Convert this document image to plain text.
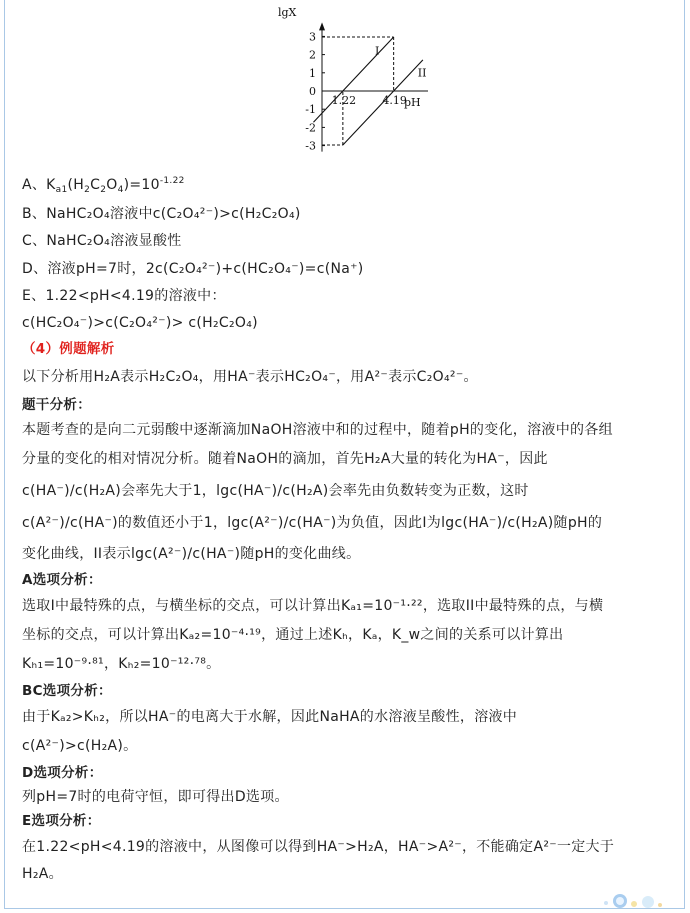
lgX
pH
3
2
1
0
-1
-2
-3
1.22 4.19
I
II
A、$K_{a1}(H_2C_2O_4)=10^{-1.22}$
B、NaHC₂O₄溶液中c(C₂O₄²⁻)>c(H₂C₂O₄)
C、NaHC₂O₄溶液显酸性
D、溶液pH=7时，2c(C₂O₄²⁻)+c(HC₂O₄⁻)=c(Na⁺)
E、1.22<pH<4.19的溶液中：
c(HC₂O₄⁻)>c(C₂O₄²⁻)> c(H₂C₂O₄)
（4）例题解析
以下分析用H₂A表示H₂C₂O₄，用HA⁻表示HC₂O₄⁻，用A²⁻表示C₂O₄²⁻。
题干分析：
本题考查的是向二元弱酸中逐渐滴加NaOH溶液中和的过程中，随着pH的变化，溶液中的各组
分量的变化的相对情况分析。随着NaOH的滴加，首先H₂A大量的转化为HA⁻，因此
c(HA⁻)/c(H₂A)会率先大于1，lgc(HA⁻)/c(H₂A)会率先由负数转变为正数，这时
c(A²⁻)/c(HA⁻)的数值还小于1，lgc(A²⁻)/c(HA⁻)为负值，因此I为lgc(HA⁻)/c(H₂A)随pH的
变化曲线，II表示lgc(A²⁻)/c(HA⁻)随pH的变化曲线。
A选项分析：
选取I中最特殊的点，与横坐标的交点，可以计算出Kₐ₁=10⁻¹·²²，选取II中最特殊的点，与横
坐标的交点，可以计算出Kₐ₂=10⁻⁴·¹⁹，通过上述Kₕ，Kₐ，K_w之间的关系可以计算出
Kₕ₁=10⁻⁹·⁸¹，Kₕ₂=10⁻¹²·⁷⁸。
BC选项分析：
由于Kₐ₂>Kₕ₂，所以HA⁻的电离大于水解，因此NaHA的水溶液呈酸性，溶液中
c(A²⁻)>c(H₂A)。
D选项分析：
列pH=7时的电荷守恒，即可得出D选项。
E选项分析：
在1.22<pH<4.19的溶液中，从图像可以得到HA⁻>H₂A，HA⁻>A²⁻，不能确定A²⁻一定大于
H₂A。
